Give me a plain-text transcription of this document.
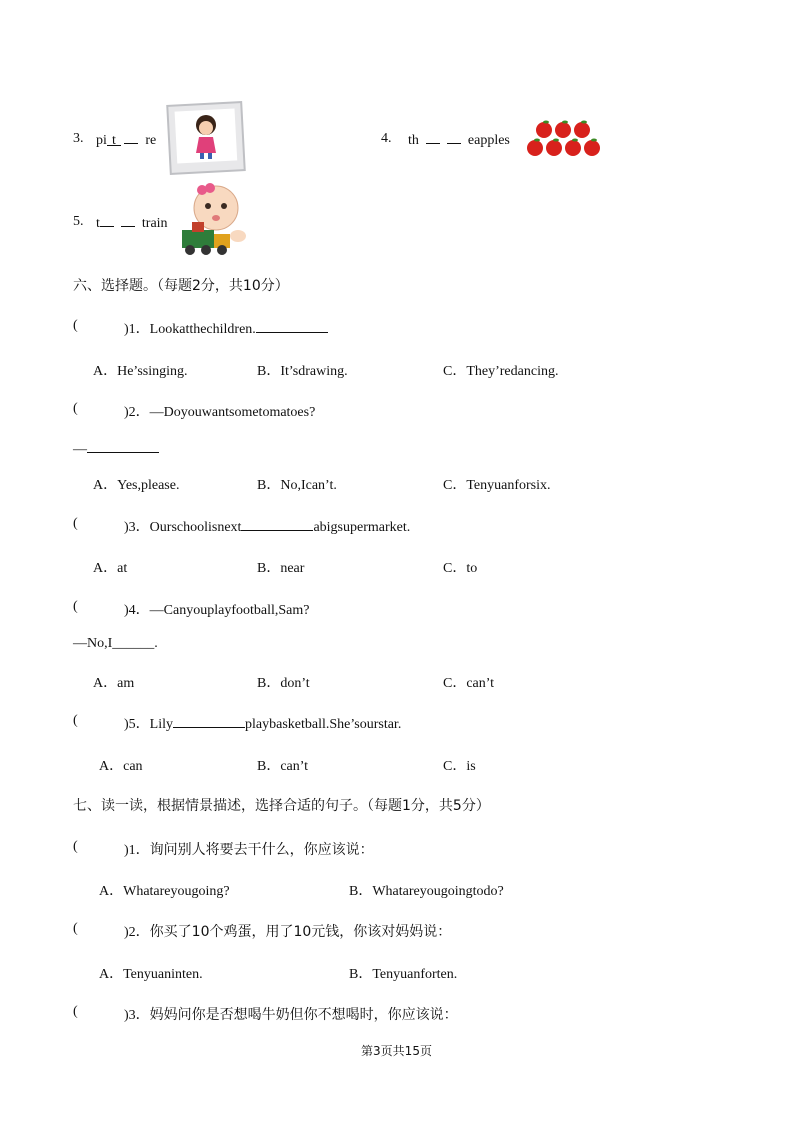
3. pi t re	4. th	eapples
5. t	train
六、选择题。（每题2分，共10分）
(	)1．Lookatthechildren.
A．He’ssinging.	B．It’sdrawing.	C．They’redancing.
(	)2．—Doyouwantsometomatoes?
—
A．Yes,please.	B．No,Ican’t.	C．Tenyuanforsix.
(	)3．Ourschoolisnext	abigsupermarket.
A．at	B．near	C．to
(	)4．—Canyouplayfootball,Sam?
—No,I______.
A．am	B．don’t	C．can’t
(	)5．Lily	playbasketball.She’sourstar.
A．can	B．can’t	C．is
七、读一读，根据情景描述，选择合适的句子。（每题1分，共5分）
(	)1．询问别人将要去干什么，你应该说：
A．Whatareyougoing?	B．Whatareyougoingtodo?
(	)2．你买了10个鸡蛋，用了10元钱，你该对妈妈说：
A．Tenyuaninten.	B．Tenyuanforten.
(	)3．妈妈问你是否想喝牛奶但你不想喝时，你应该说：
第3页共15页
